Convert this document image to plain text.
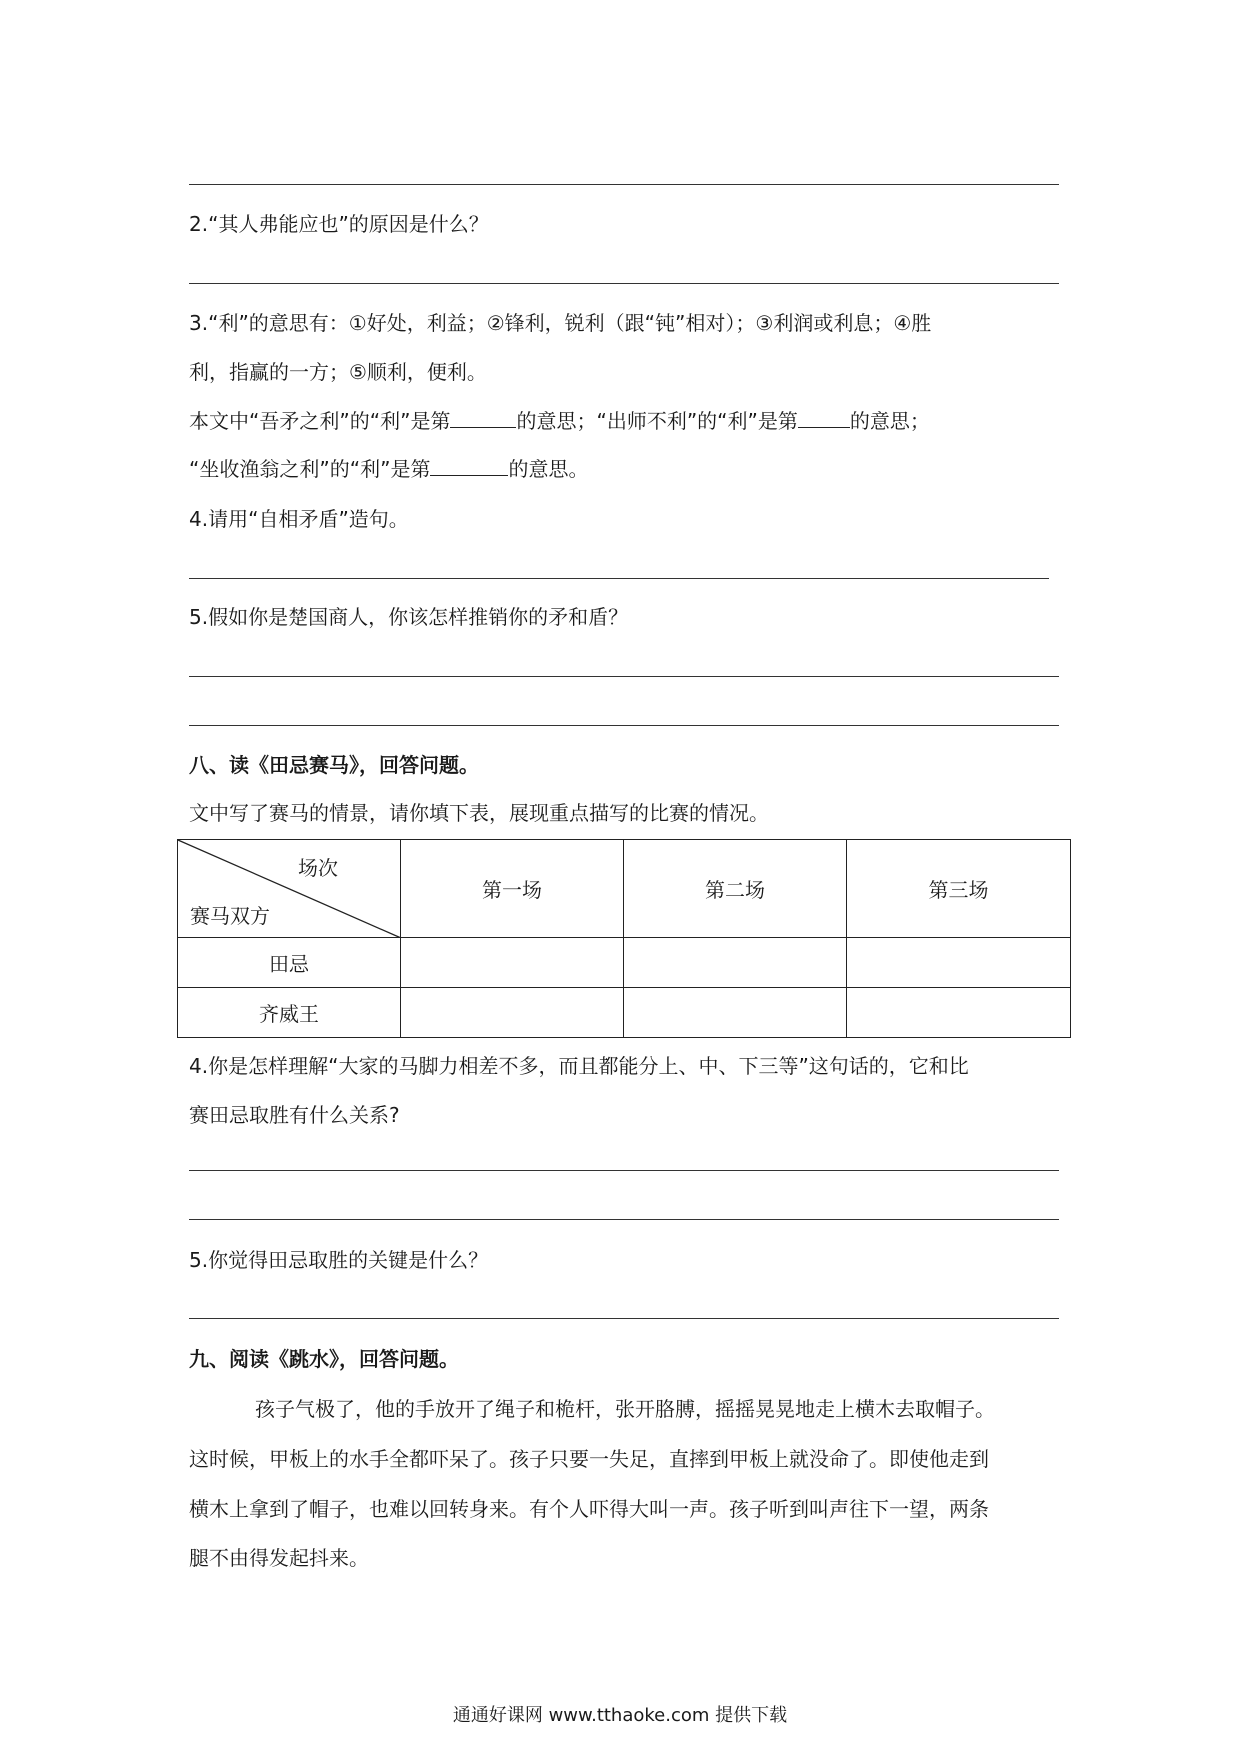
2.“其人弗能应也”的原因是什么？
3.“利”的意思有：①好处，利益；②锋利，锐利（跟“钝”相对）；③利润或利息；④胜
利，指赢的一方；⑤顺利，便利。
本文中“吾矛之利”的“利”是第	的意思；“出师不利”的“利”是第	的意思；
“坐收渔翁之利”的“利”是第	的意思。
4.请用“自相矛盾”造句。
5.假如你是楚国商人，你该怎样推销你的矛和盾？
八、读《田忌赛马》，回答问题。
文中写了赛马的情景，请你填下表，展现重点描写的比赛的情况。
场次
赛马双方	第一场	第二场	第三场
田忌			
齐威王			
4.你是怎样理解“大家的马脚力相差不多，而且都能分上、中、下三等”这句话的，它和比
赛田忌取胜有什么关系?
5.你觉得田忌取胜的关键是什么？
九、阅读《跳水》，回答问题。
孩子气极了，他的手放开了绳子和桅杆，张开胳膊，摇摇晃晃地走上横木去取帽子。
这时候，甲板上的水手全都吓呆了。孩子只要一失足，直摔到甲板上就没命了。即使他走到
横木上拿到了帽子，也难以回转身来。有个人吓得大叫一声。孩子听到叫声往下一望，两条
腿不由得发起抖来。
通通好课网 www.tthaoke.com 提供下载
